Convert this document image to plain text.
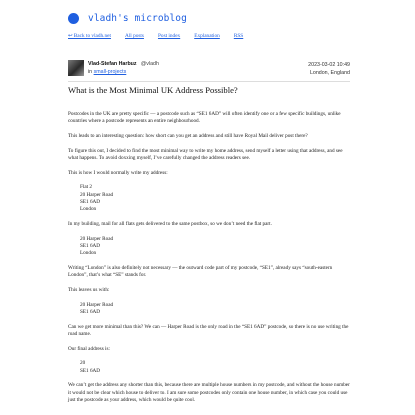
vladh's microblog
↩ Back to vladh.net	All posts	Post index	Explanation	RSS
Vlad-Stefan Harbuz @vladh
in small-projects
2023-03-02 10:49
London, England
What is the Most Minimal UK Address Possible?

Postcodes in the UK are pretty specific — a postcode such as “SE1 6AD” will often identify one or a few specific buildings, unlike countries where a postcode represents an entire neighbourhood.

This leads to an interesting question: how short can you get an address and still have Royal Mail deliver post there?

To figure this out, I decided to find the most minimal way to write my home address, send myself a letter using that address, and see what happens. To avoid doxxing myself, I’ve carefully changed the address readers see.

This is how I would normally write my address:

Flat 2
20 Harper Road
SE1 6AD
London

In my building, mail for all flats gets delivered to the same postbox, so we don’t need the flat part.

20 Harper Road
SE1 6AD
London

Writing “London” is also definitely not necessary — the outward code part of my postcode, “SE1”, already says “south-eastern London”, that’s what “SE” stands for.

This leaves us with:

20 Harper Road
SE1 6AD

Can we get more minimal than this? We can — Harper Road is the only road in the “SE1 6AD” postcode, so there is no use writing the road name.

Our final address is:

20
SE1 6AD

We can’t get the address any shorter than this, because there are multiple house numbers in my postcode, and without the house number it would not be clear which house to deliver to. I am sure some postcodes only contain one house number, in which case you could use just the postcode as your address, which would be quite cool.
